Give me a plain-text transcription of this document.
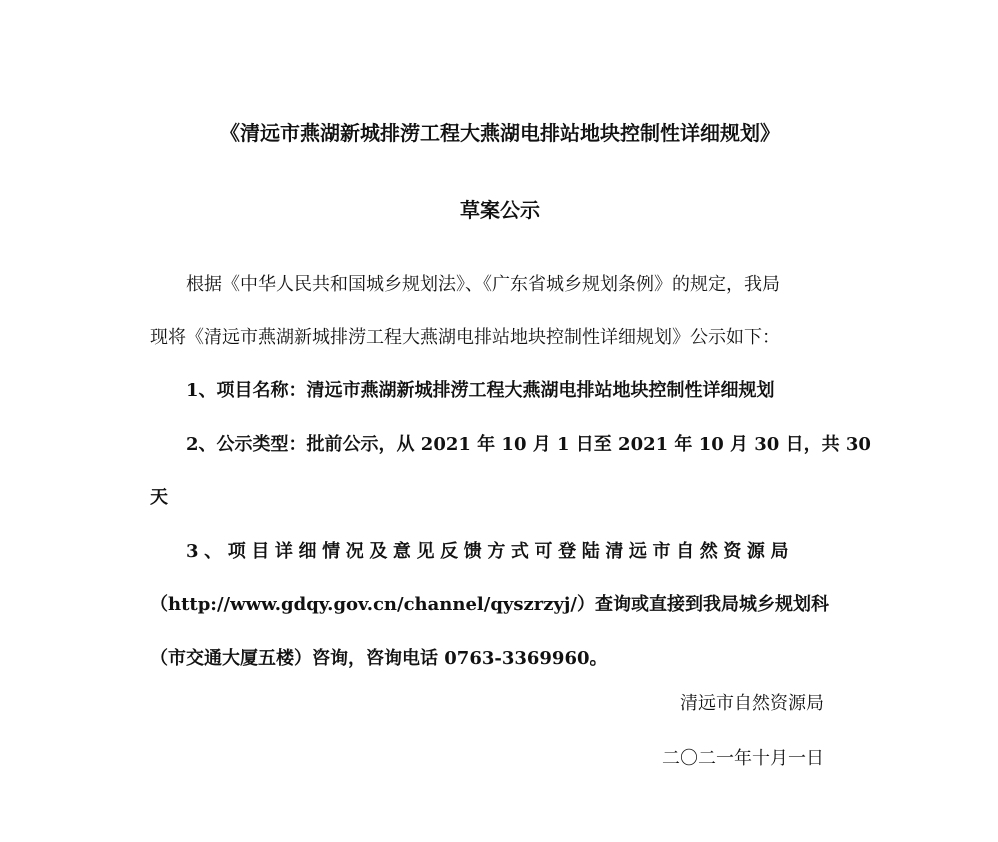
《清远市燕湖新城排涝工程大燕湖电排站地块控制性详细规划》
草案公示
根据《中华人民共和国城乡规划法》、《广东省城乡规划条例》的规定，我局
现将《清远市燕湖新城排涝工程大燕湖电排站地块控制性详细规划》公示如下：
1、项目名称：清远市燕湖新城排涝工程大燕湖电排站地块控制性详细规划
2、公示类型：批前公示，从 2021 年 10 月 1 日至 2021 年 10 月 30 日，共 30
天
3、项目详细情况及意见反馈方式可登陆清远市自然资源局
（http://www.gdqy.gov.cn/channel/qyszrzyj/）查询或直接到我局城乡规划科
（市交通大厦五楼）咨询，咨询电话 0763-3369960。
清远市自然资源局
二〇二一年十月一日
